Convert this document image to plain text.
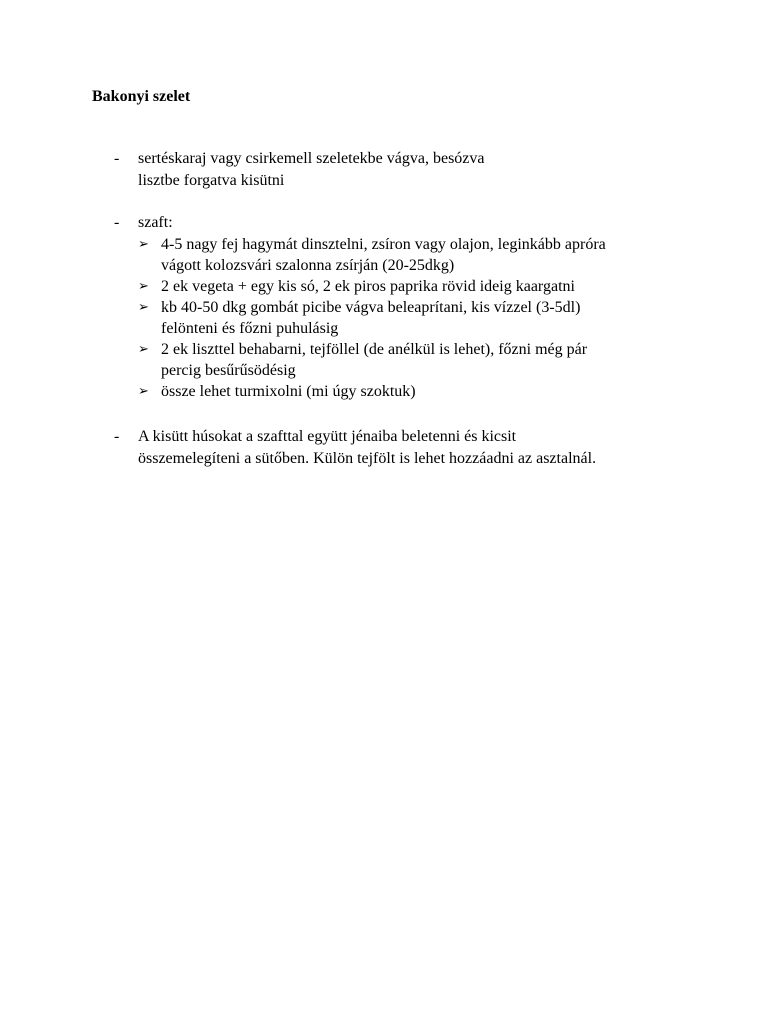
Bakonyi szelet
- sertéskaraj vagy csirkemell szeletekbe vágva, besózva
lisztbe forgatva kisütni

- szaft:

➢ 4-5 nagy fej hagymát dinsztelni, zsíron vagy olajon, leginkább apróra
vágott kolozsvári szalonna zsírján (20-25dkg)
➢ 2 ek vegeta + egy kis só, 2 ek piros paprika rövid ideig kaargatni
➢ kb 40-50 dkg gombát picibe vágva beleaprítani, kis vízzel (3-5dl)
felönteni és főzni puhulásig
➢ 2 ek liszttel behabarni, tejföllel (de anélkül is lehet), főzni még pár
percig besűrűsödésig
➢ össze lehet turmixolni (mi úgy szoktuk)
- A kisütt húsokat a szafttal együtt jénaiba beletenni és kicsit
összemelegíteni a sütőben. Külön tejfölt is lehet hozzáadni az asztalnál.
